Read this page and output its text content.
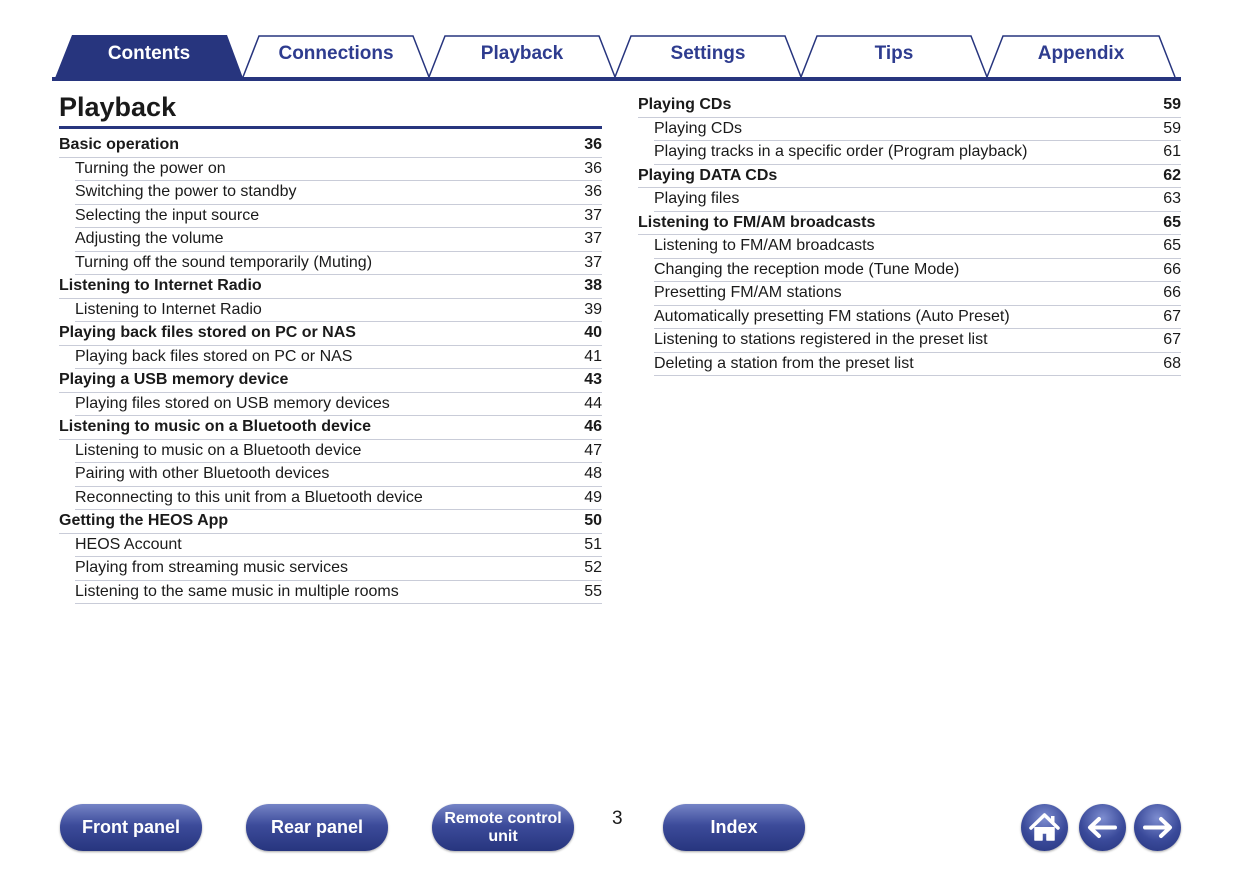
Contents	Connections	Playback	Settings	Tips	Appendix
Playback
Basic operation	36
Turning the power on	36
Switching the power to standby	36
Selecting the input source	37
Adjusting the volume	37
Turning off the sound temporarily (Muting)	37
Listening to Internet Radio	38
Listening to Internet Radio	39
Playing back files stored on PC or NAS	40
Playing back files stored on PC or NAS	41
Playing a USB memory device	43
Playing files stored on USB memory devices	44
Listening to music on a Bluetooth device	46
Listening to music on a Bluetooth device	47
Pairing with other Bluetooth devices	48
Reconnecting to this unit from a Bluetooth device	49
Getting the HEOS App	50
HEOS Account	51
Playing from streaming music services	52
Listening to the same music in multiple rooms	55
Playing CDs	59
Playing CDs	59
Playing tracks in a specific order (Program playback)	61
Playing DATA CDs	62
Playing files	63
Listening to FM/AM broadcasts	65
Listening to FM/AM broadcasts	65
Changing the reception mode (Tune Mode)	66
Presetting FM/AM stations	66
Automatically presetting FM stations (Auto Preset)	67
Listening to stations registered in the preset list	67
Deleting a station from the preset list	68
Front panel	Rear panel	Remote control
unit
3	Index
